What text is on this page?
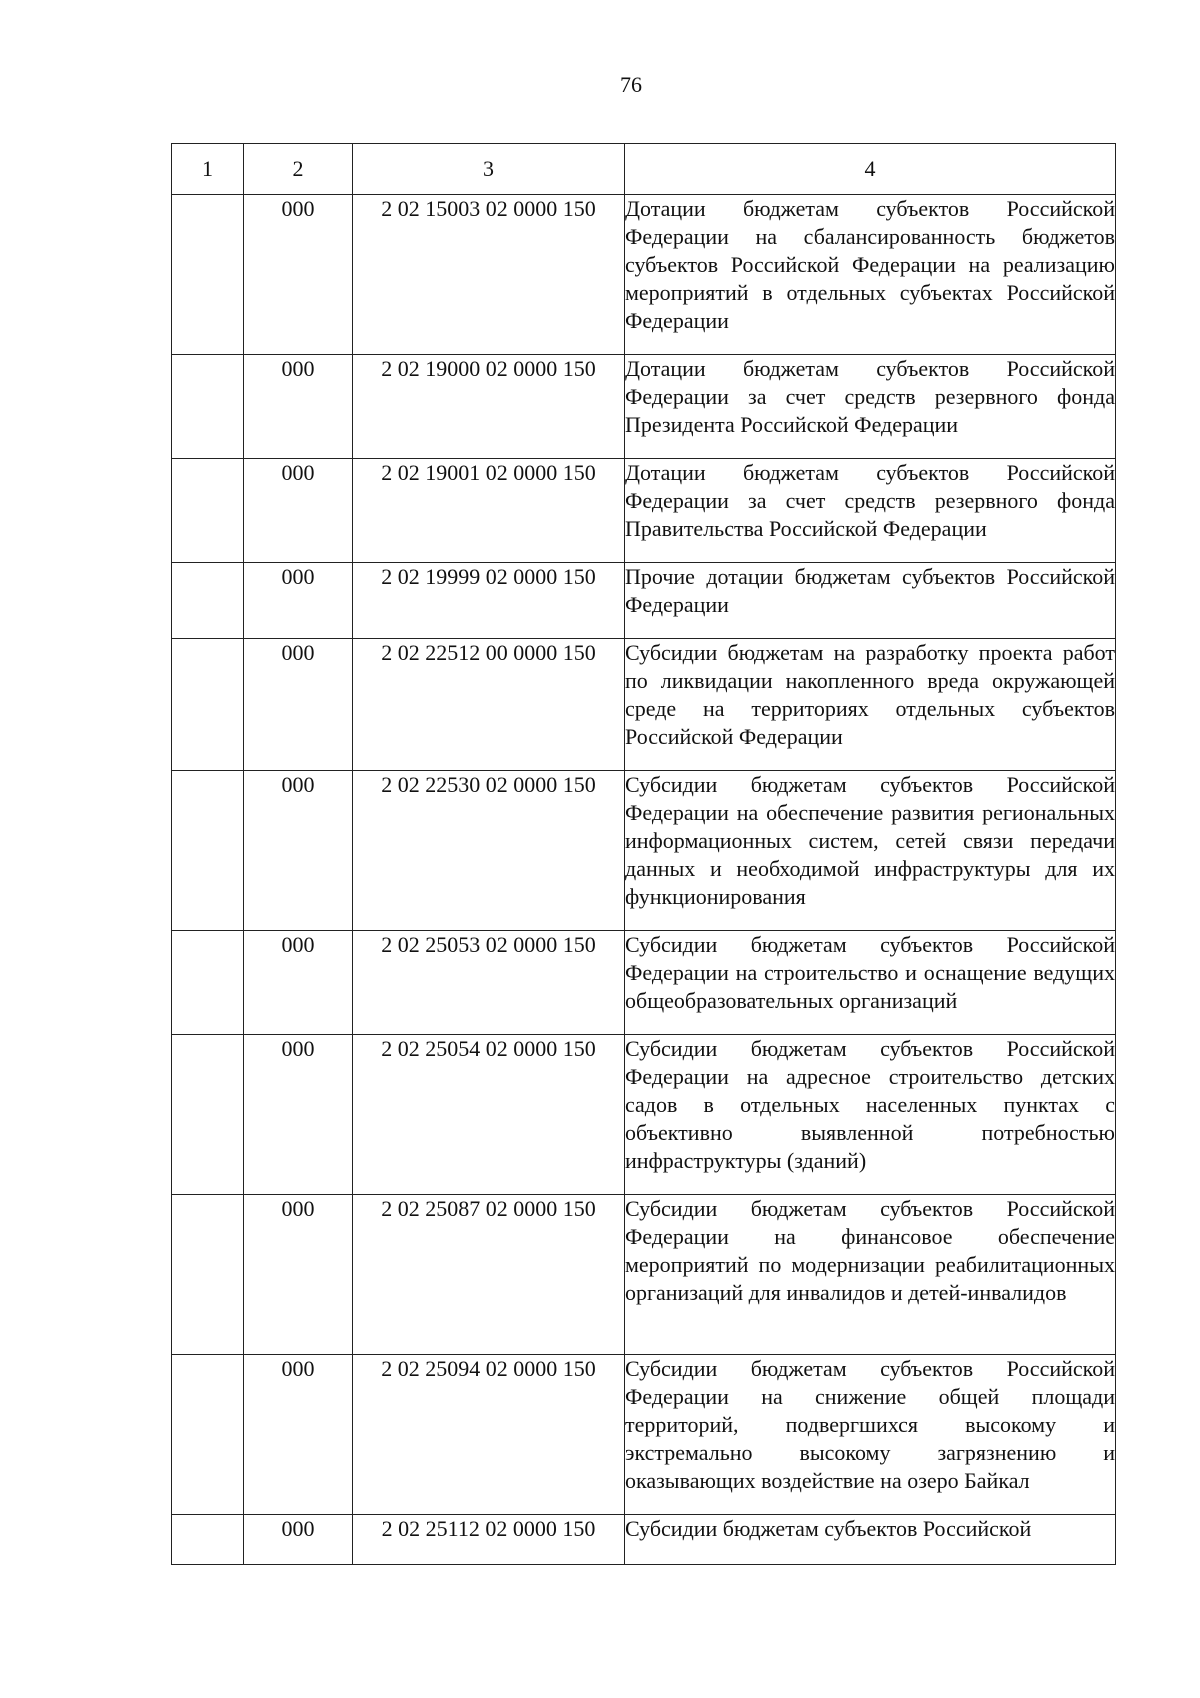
76
1	2	3	4
	000	2 02 15003 02 0000 150	Дотации бюджетам субъектов Российской Федерации на сбалансированность бюджетов субъектов Российской Федерации на реализацию мероприятий в отдельных субъектах Российской Федерации
	000	2 02 19000 02 0000 150	Дотации бюджетам субъектов Российской Федерации за счет средств резервного фонда Президента Российской Федерации
	000	2 02 19001 02 0000 150	Дотации бюджетам субъектов Российской Федерации за счет средств резервного фонда Правительства Российской Федерации
	000	2 02 19999 02 0000 150	Прочие дотации бюджетам субъектов Российской Федерации
	000	2 02 22512 00 0000 150	Субсидии бюджетам на разработку проекта работ по ликвидации накопленного вреда окружающей среде на территориях отдельных субъектов Российской Федерации
	000	2 02 22530 02 0000 150	Субсидии бюджетам субъектов Российской Федерации на обеспечение развития региональных информационных систем, сетей связи передачи данных и необходимой инфраструктуры для их функционирования
	000	2 02 25053 02 0000 150	Субсидии бюджетам субъектов Российской Федерации на строительство и оснащение ведущих общеобразовательных организаций
	000	2 02 25054 02 0000 150	Субсидии бюджетам субъектов Российской Федерации на адресное строительство детских садов в отдельных населенных пунктах с объективно выявленной потребностью инфраструктуры (зданий)
	000	2 02 25087 02 0000 150	Субсидии бюджетам субъектов Российской Федерации на финансовое обеспечение мероприятий по модернизации реабилитационных организаций для инвалидов и детей-инвалидов
	000	2 02 25094 02 0000 150	Субсидии бюджетам субъектов Российской Федерации на снижение общей площади территорий, подвергшихся высокому и экстремально высокому загрязнению и оказывающих воздействие на озеро Байкал
	000	2 02 25112 02 0000 150	Субсидии бюджетам субъектов Российской
